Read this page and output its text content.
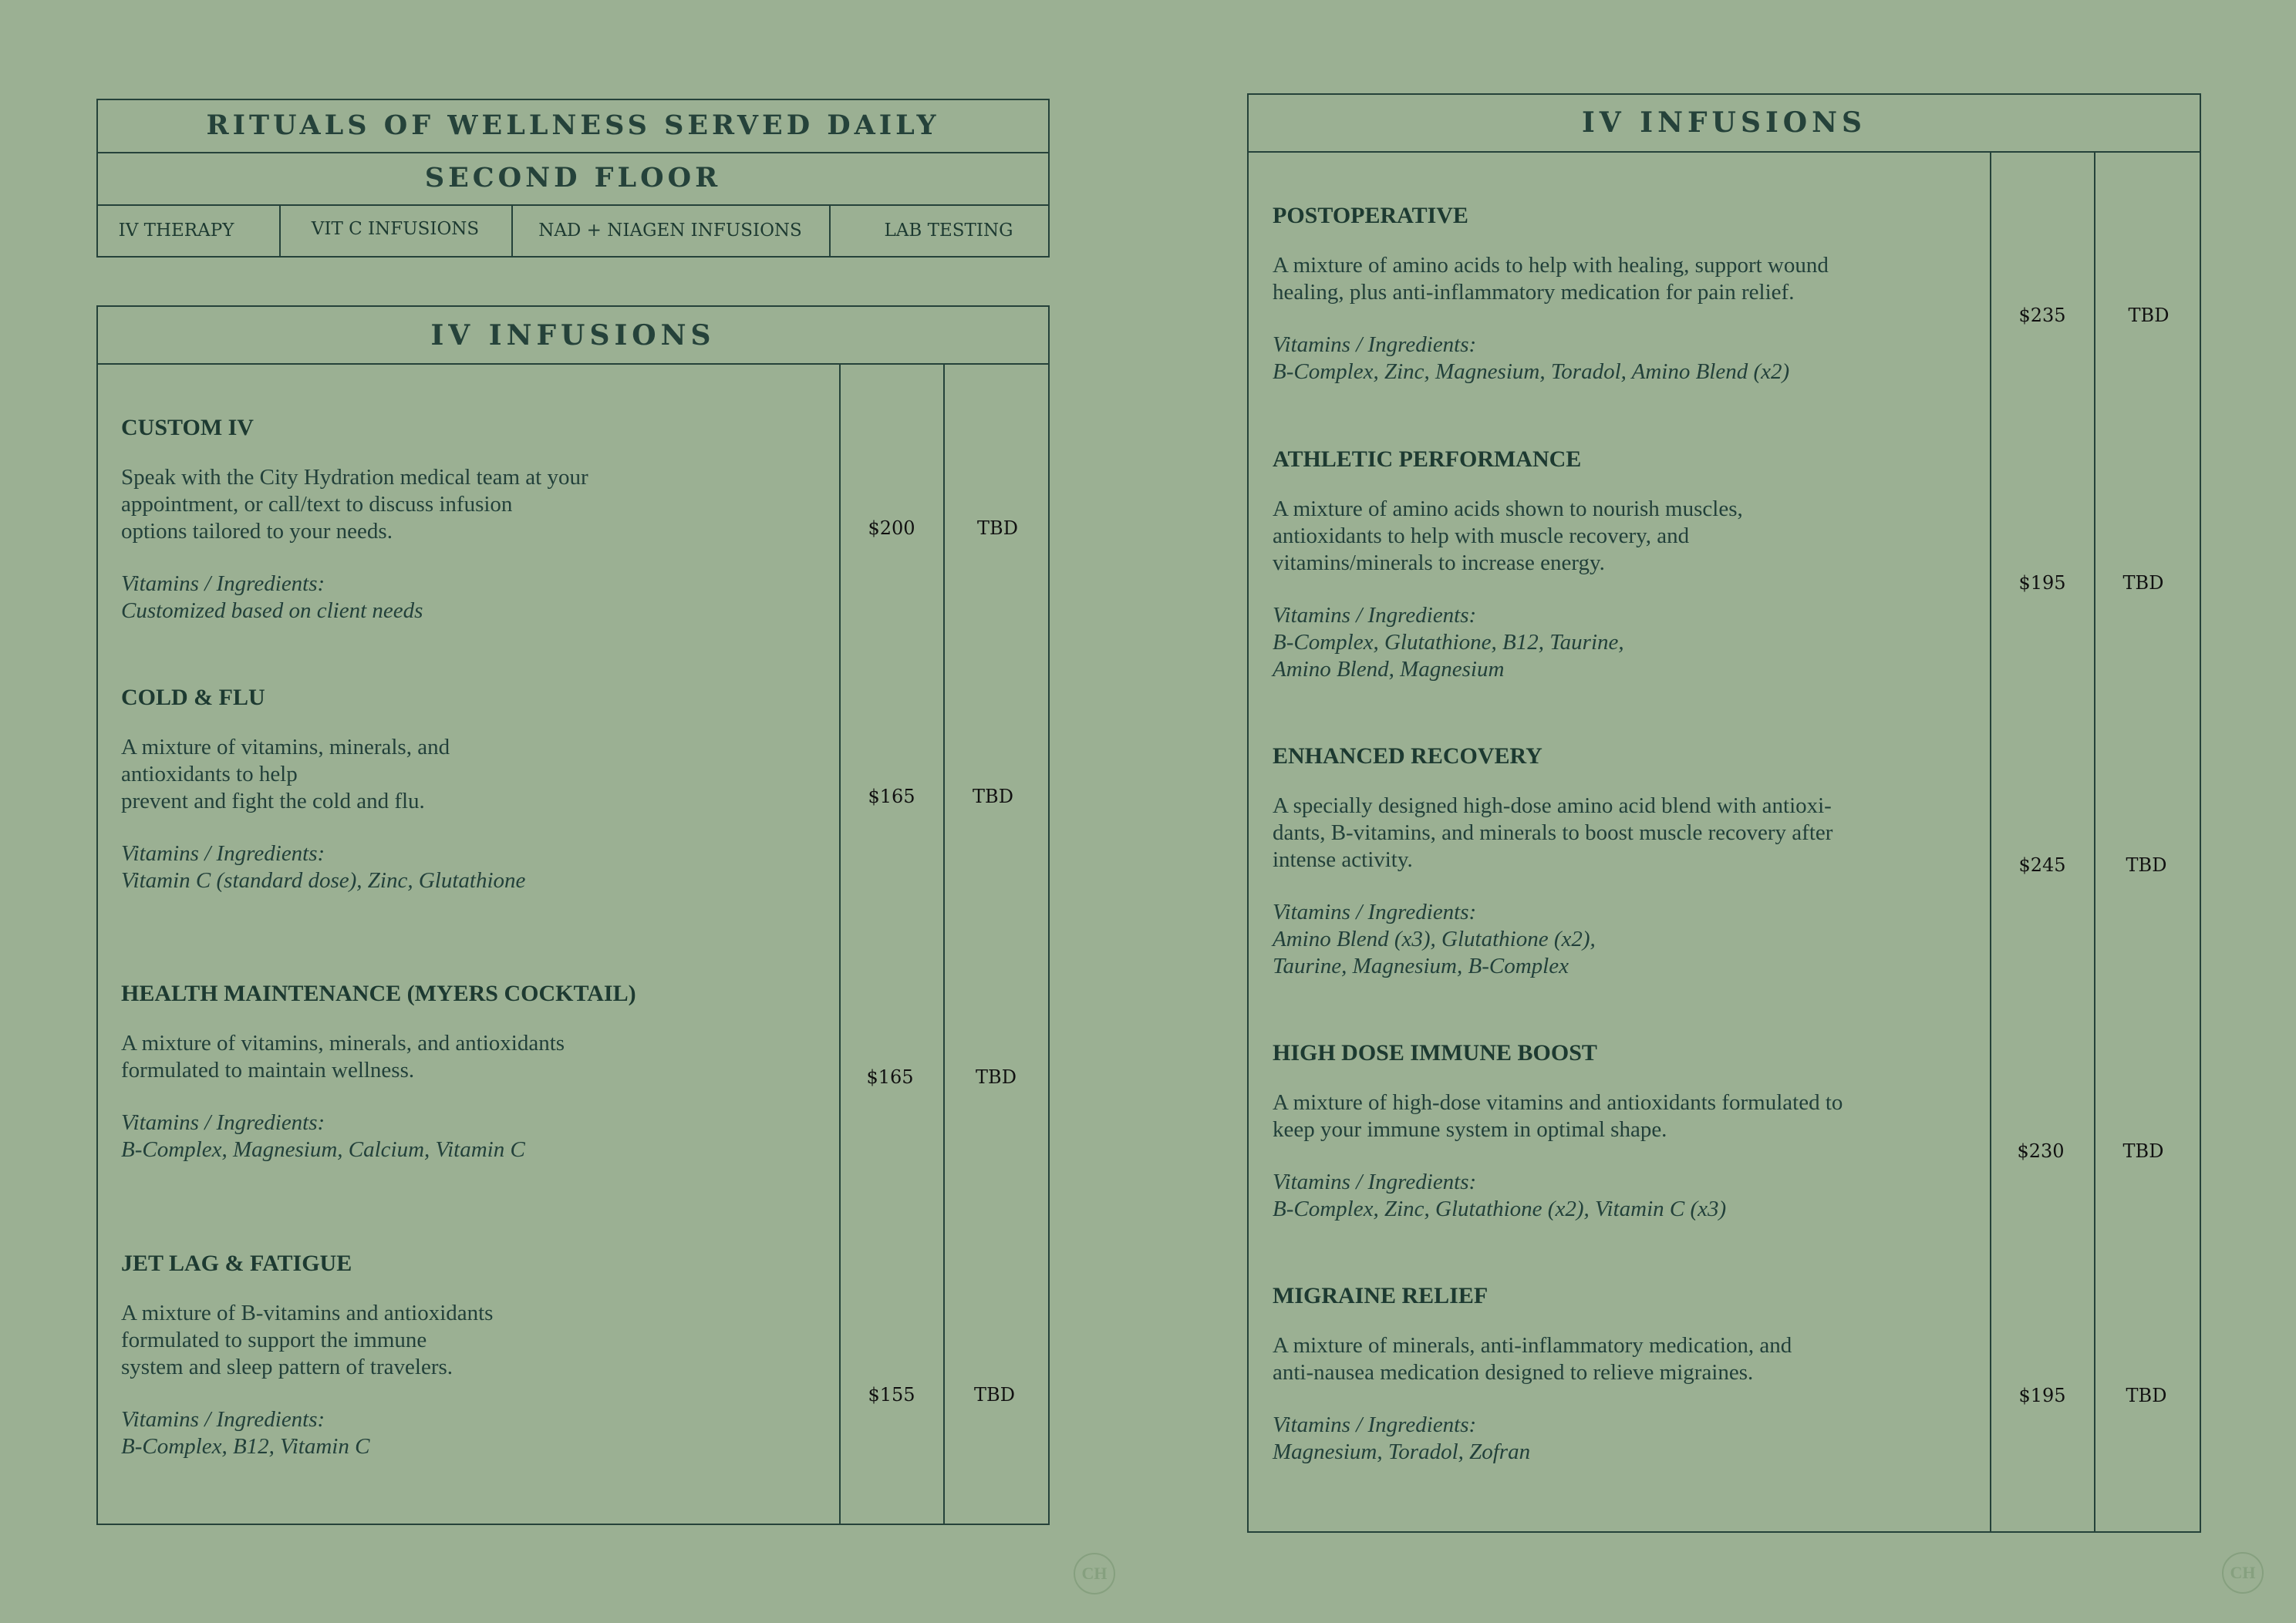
RITUALS OF WELLNESS SERVED DAILY
SECOND FLOOR
IV THERAPY	VIT C INFUSIONS	NAD + NIAGEN INFUSIONS	LAB TESTING
IV INFUSIONS
CUSTOM IV
Speak with the City Hydration medical team at your
appointment, or call/text to discuss infusion
options tailored to your needs.
Vitamins / Ingredients:
Customized based on client needs
$200	TBD
COLD & FLU
A mixture of vitamins, minerals, and
antioxidants to help
prevent and fight the cold and flu.
Vitamins / Ingredients:
Vitamin C (standard dose), Zinc, Glutathione
$165	TBD
HEALTH MAINTENANCE (MYERS COCKTAIL)
A mixture of vitamins, minerals, and antioxidants
formulated to maintain wellness.
Vitamins / Ingredients:
B-Complex, Magnesium, Calcium, Vitamin C
$165	TBD
JET LAG & FATIGUE
A mixture of B-vitamins and antioxidants
formulated to support the immune
system and sleep pattern of travelers.
Vitamins / Ingredients:
B-Complex, B12, Vitamin C
$155	TBD
CH
IV INFUSIONS
POSTOPERATIVE
A mixture of amino acids to help with healing, support wound
healing, plus anti-inflammatory medication for pain relief.
Vitamins / Ingredients:
B-Complex, Zinc, Magnesium, Toradol, Amino Blend (x2)
$235	TBD
ATHLETIC PERFORMANCE
A mixture of amino acids shown to nourish muscles,
antioxidants to help with muscle recovery, and
vitamins/minerals to increase energy.
Vitamins / Ingredients:
B-Complex, Glutathione, B12, Taurine,
Amino Blend, Magnesium
$195	TBD
ENHANCED RECOVERY
A specially designed high-dose amino acid blend with antioxi-
dants, B-vitamins, and minerals to boost muscle recovery after
intense activity.
Vitamins / Ingredients:
Amino Blend (x3), Glutathione (x2),
Taurine, Magnesium, B-Complex
$245	TBD
HIGH DOSE IMMUNE BOOST
A mixture of high-dose vitamins and antioxidants formulated to
keep your immune system in optimal shape.
Vitamins / Ingredients:
B-Complex, Zinc, Glutathione (x2), Vitamin C (x3)
$230	TBD
MIGRAINE RELIEF
A mixture of minerals, anti-inflammatory medication, and
anti-nausea medication designed to relieve migraines.
Vitamins / Ingredients:
Magnesium, Toradol, Zofran
$195	TBD
CH
